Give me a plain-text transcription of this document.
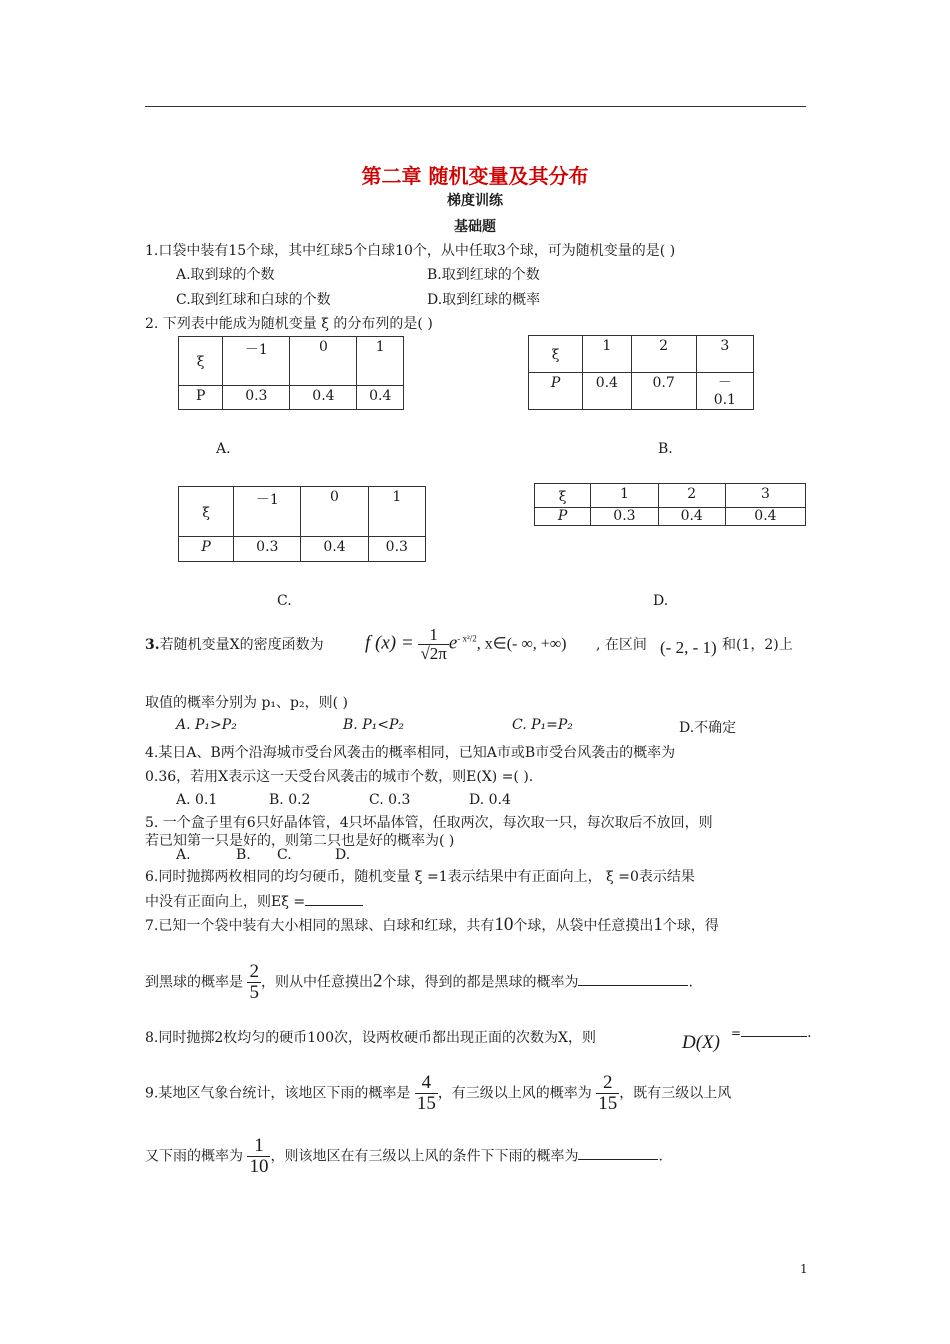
第二章 随机变量及其分布
梯度训练
基础题
1.口袋中装有15个球，其中红球5个白球10个，从中任取3个球，可为随机变量的是( )
A.取到球的个数	B.取到红球的个数
C.取到红球和白球的个数	D.取到红球的概率
2. 下列表中能成为随机变量 ξ 的分布列的是( )
ξ	－1	0	1
P	0.3	0.4	0.4
ξ	1	2	3
P	0.4	0.7	－
0.1
A.	B.
ξ	－1	0	1
P	0.3	0.4	0.3
ξ	1	2	3
P	0.3	0.4	0.4
C.	D.
3.若随机变量X的密度函数为 f $(x) = \frac{1}{√2\pi} e^{- x^2/2}$, x∈(- ∞, +∞) , 在区间 (- 2, - 1) 和(1，2)上
取值的概率分别为 p₁、p₂，则( )
A. P₁>P₂	B. P₁<P₂	C. P₁=P₂	D.不确定
4.某日A、B两个沿海城市受台风袭击的概率相同，已知A市或B市受台风袭击的概率为
0.36，若用X表示这一天受台风袭击的城市个数，则E(X) =( ).
A. 0.1	B. 0.2	C. 0.3	D. 0.4
5. 一个盒子里有6只好晶体管，4只坏晶体管，任取两次，每次取一只，每次取后不放回，则
若已知第一只是好的，则第二只也是好的概率为( )
A.	B. C.	D.
6.同时抛掷两枚相同的均匀硬币，随机变量 ξ =1表示结果中有正面向上， ξ =0表示结果
中没有正面向上，则Eξ =
7.已知一个袋中装有大小相同的黑球、白球和红球，共有10个球，从袋中任意摸出1个球，得
到黑球的概率是 $\frac{2}{5}$ ，则从中任意摸出2个球，得到的都是黑球的概率为	.
8.同时抛掷2枚均匀的硬币100次，设两枚硬币都出现正面的次数为X，则	D(X) =	.
9.某地区气象台统计，该地区下雨的概率是 $\frac{4}{15}$ ，有三级以上风的概率为 $\frac{2}{15}$ ，既有三级以上风
又下雨的概率为 $\frac{1}{10}$ ，则该地区在有三级以上风的条件下下雨的概率为	.
1
